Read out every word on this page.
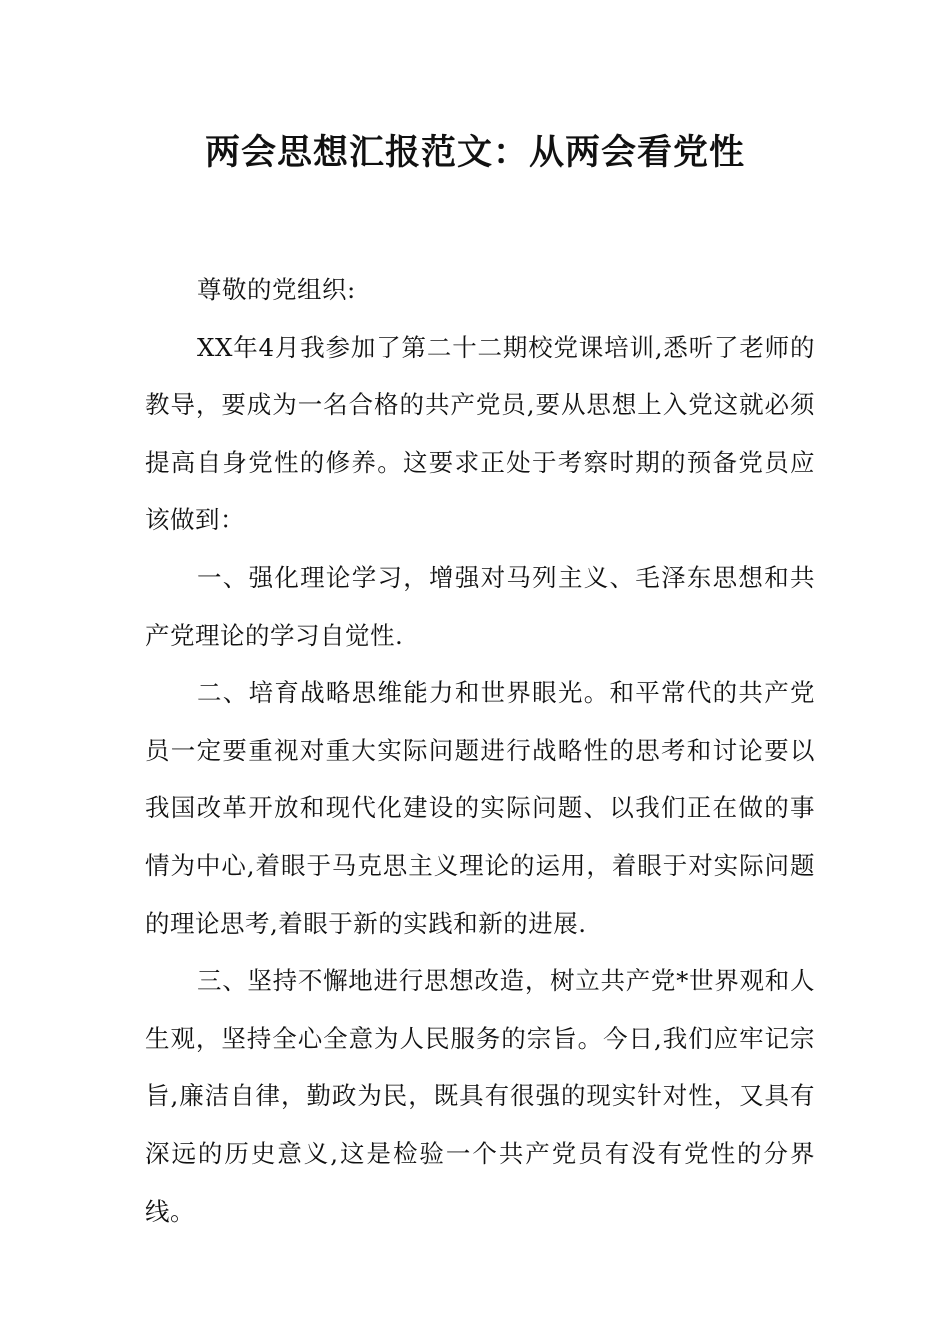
两会思想汇报范文：从两会看党性

尊敬的党组织:

XX年4月我参加了第二十二期校党课培训,悉听了老师的教导，要成为一名合格的共产党员,要从思想上入党这就必须提高自身党性的修养。这要求正处于考察时期的预备党员应该做到：

一、强化理论学习，增强对马列主义、毛泽东思想和共产党理论的学习自觉性.

二、培育战略思维能力和世界眼光。和平常代的共产党员一定要重视对重大实际问题进行战略性的思考和讨论要以我国改革开放和现代化建设的实际问题、以我们正在做的事情为中心,着眼于马克思主义理论的运用，着眼于对实际问题的理论思考,着眼于新的实践和新的进展.

三、坚持不懈地进行思想改造，树立共产党*世界观和人生观，坚持全心全意为人民服务的宗旨。今日,我们应牢记宗旨,廉洁自律，勤政为民，既具有很强的现实针对性，又具有深远的历史意义,这是检验一个共产党员有没有党性的分界线。
